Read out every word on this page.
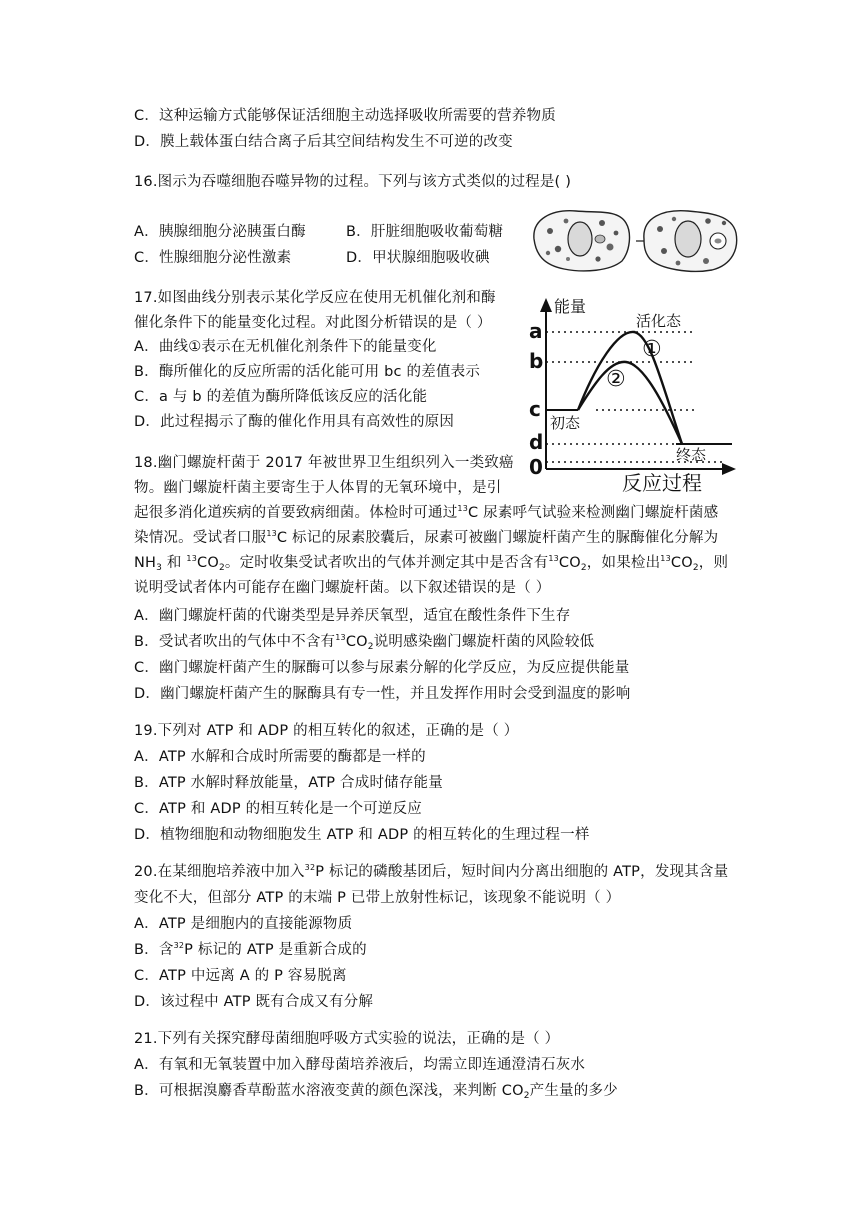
C．这种运输方式能够保证活细胞主动选择吸收所需要的营养物质
D．膜上载体蛋白结合离子后其空间结构发生不可逆的改变
16.图示为吞噬细胞吞噬异物的过程。下列与该方式类似的过程是( )
A．胰腺细胞分泌胰蛋白酶	B．肝脏细胞吸收葡萄糖
C．性腺细胞分泌性激素	D．甲状腺细胞吸收碘
17.如图曲线分别表示某化学反应在使用无机催化剂和酶
催化条件下的能量变化过程。对此图分析错误的是（ ）
A．曲线①表示在无机催化剂条件下的能量变化
B．酶所催化的反应所需的活化能可用 bc 的差值表示
C．a 与 b 的差值为酶所降低该反应的活化能
D．此过程揭示了酶的催化作用具有高效性的原因
能量
反应过程
a
b
c
d
0
活化态
初态
终态
①
②
18.幽门螺旋杆菌于 2017 年被世界卫生组织列入一类致癌
物。幽门螺旋杆菌主要寄生于人体胃的无氧环境中，是引
起很多消化道疾病的首要致病细菌。体检时可通过$^{13}$C 尿素呼气试验来检测幽门螺旋杆菌感
染情况。受试者口服$^{13}$C 标记的尿素胶囊后，尿素可被幽门螺旋杆菌产生的脲酶催化分解为
$NH_3$ 和 $^{13}CO_2$。定时收集受试者吹出的气体并测定其中是否含有$^{13}CO_2$，如果检出$^{13}CO_2$，则
说明受试者体内可能存在幽门螺旋杆菌。以下叙述错误的是（ ）
A．幽门螺旋杆菌的代谢类型是异养厌氧型，适宜在酸性条件下生存
B．受试者吹出的气体中不含有$^{13}CO_2$说明感染幽门螺旋杆菌的风险较低
C．幽门螺旋杆菌产生的脲酶可以参与尿素分解的化学反应，为反应提供能量
D．幽门螺旋杆菌产生的脲酶具有专一性，并且发挥作用时会受到温度的影响
19.下列对 ATP 和 ADP 的相互转化的叙述，正确的是（ ）
A．ATP 水解和合成时所需要的酶都是一样的
B．ATP 水解时释放能量，ATP 合成时储存能量
C．ATP 和 ADP 的相互转化是一个可逆反应
D．植物细胞和动物细胞发生 ATP 和 ADP 的相互转化的生理过程一样
20.在某细胞培养液中加入$^{32}$P 标记的磷酸基团后，短时间内分离出细胞的 ATP，发现其含量
变化不大，但部分 ATP 的末端 P 已带上放射性标记，该现象不能说明（ ）
A．ATP 是细胞内的直接能源物质
B．含$^{32}$P 标记的 ATP 是重新合成的
C．ATP 中远离 A 的 P 容易脱离
D．该过程中 ATP 既有合成又有分解
21.下列有关探究酵母菌细胞呼吸方式实验的说法，正确的是（ ）
A．有氧和无氧装置中加入酵母菌培养液后，均需立即连通澄清石灰水
B．可根据溴麝香草酚蓝水溶液变黄的颜色深浅，来判断 $CO_2$产生量的多少
